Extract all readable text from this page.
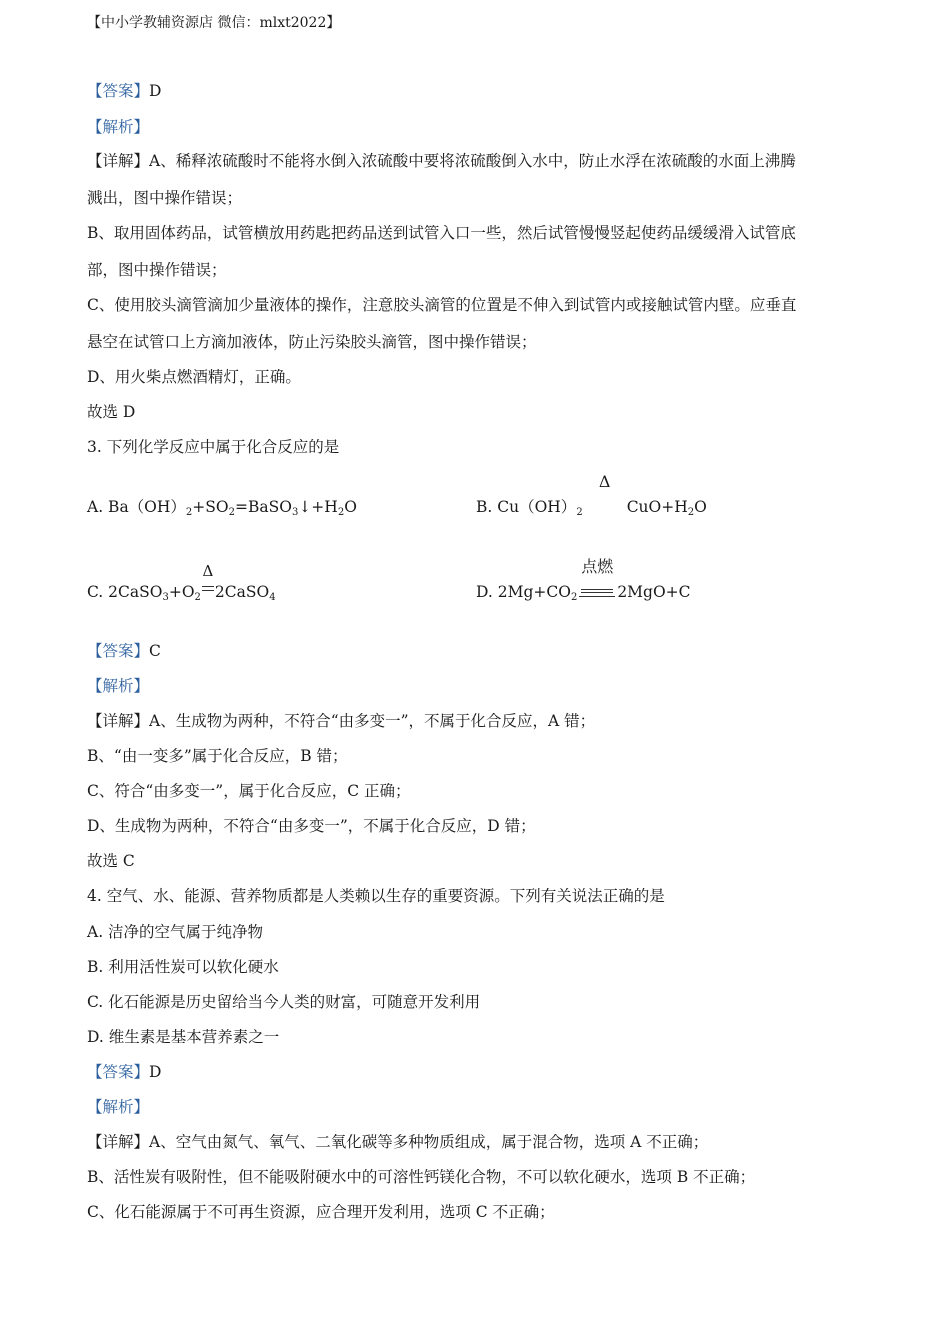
【中小学教辅资源店 微信：mlxt2022】
【答案】D
【解析】
【详解】A、稀释浓硫酸时不能将水倒入浓硫酸中要将浓硫酸倒入水中，防止水浮在浓硫酸的水面上沸腾
溅出，图中操作错误；
B、取用固体药品，试管横放用药匙把药品送到试管入口一些，然后试管慢慢竖起使药品缓缓滑入试管底
部，图中操作错误；
C、使用胶头滴管滴加少量液体的操作，注意胶头滴管的位置是不伸入到试管内或接触试管内壁。应垂直
悬空在试管口上方滴加液体，防止污染胶头滴管，图中操作错误；
D、用火柴点燃酒精灯，正确。
故选 D
3. 下列化学反应中属于化合反应的是
A. $Ba(OH)_2+SO_2=BaSO_3↓+H_2O$	B. $Cu(OH)_2$
Δ
$CuO+H_2O$
C. $2CaSO_3+O_2$
Δ
2CaSO$_4$	D. $2Mg+CO_2$
点燃
2MgO+C
【答案】C
【解析】
【详解】A、生成物为两种，不符合“由多变一”，不属于化合反应，A 错；
B、“由一变多”属于化合反应，B 错；
C、符合“由多变一”，属于化合反应，C 正确；
D、生成物为两种，不符合“由多变一”，不属于化合反应，D 错；
故选 C
4. 空气、水、能源、营养物质都是人类赖以生存的重要资源。下列有关说法正确的是
A. 洁净的空气属于纯净物
B. 利用活性炭可以软化硬水
C. 化石能源是历史留给当今人类的财富，可随意开发利用
D. 维生素是基本营养素之一
【答案】D
【解析】
【详解】A、空气由氮气、氧气、二氧化碳等多种物质组成，属于混合物，选项 A 不正确；
B、活性炭有吸附性，但不能吸附硬水中的可溶性钙镁化合物，不可以软化硬水，选项 B 不正确；
C、化石能源属于不可再生资源，应合理开发利用，选项 C 不正确；
